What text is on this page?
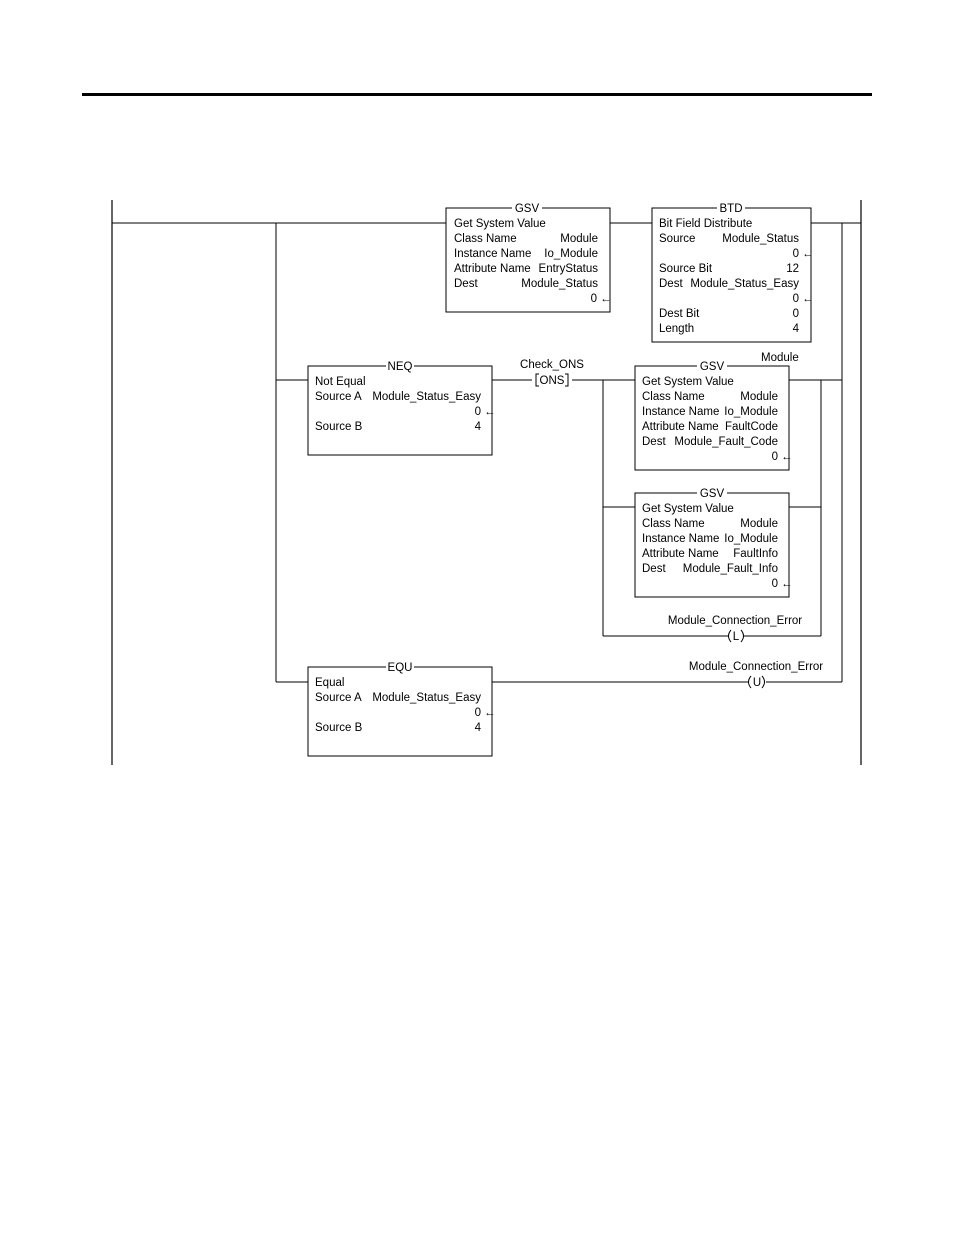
GSV
Get System Value
Class Name	Module
Instance Name Io_Module
Attribute Name EntryStatus
Dest	Module_Status
0 ←
BTD
Bit Field Distribute
Source Module_Status
0 ←
Source Bit	12
Dest Module_Status_Easy
0 ←
Dest Bit	0
Length	4
NEQ
Not Equal
Source A Module_Status_Easy
0 ←
Source B	4
Check_ONS
ONS
Module
GSV
Get System Value
Class Name	Module
Instance Name Io_Module
Attribute Name FaultCode
Dest Module_Fault_Code
0 ←
GSV
Get System Value
Class Name	Module
Instance Name Io_Module
Attribute Name FaultInfo
Dest Module_Fault_Info
0 ←
Module_Connection_Error
L
EQU
Equal
Source A Module_Status_Easy
0 ←
Source B	4
Module_Connection_Error
U
